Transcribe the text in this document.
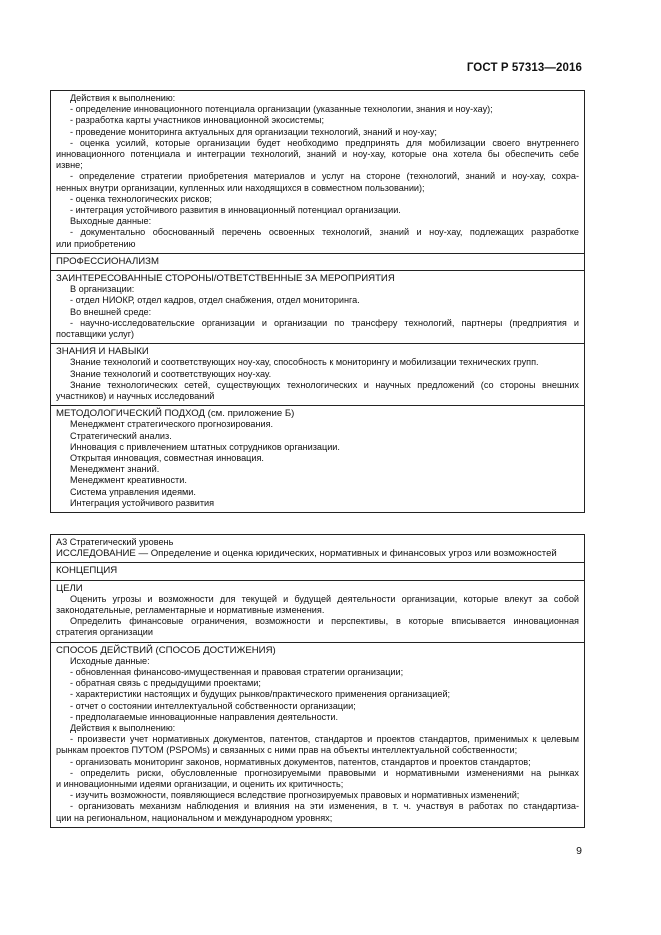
ГОСТ Р 57313—2016
Действия к выполнению:
- определение инновационного потенциала организации (указанные технологии, знания и ноу-хау);
- разработка карты участников инновационной экосистемы;
- проведение мониторинга актуальных для организации технологий, знаний и ноу-хау;
- оценка усилий, которые организации будет необходимо предпринять для мобилизации своего внутреннего
инновационного потенциала и интеграции технологий, знаний и ноу-хау, которые она хотела бы обеспечить себе
извне;
- определение стратегии приобретения материалов и услуг на стороне (технологий, знаний и ноу-хау, сохра-
ненных внутри организации, купленных или находящихся в совместном пользовании);
- оценка технологических рисков;
- интеграция устойчивого развития в инновационный потенциал организации.
Выходные данные:
- документально обоснованный перечень освоенных технологий, знаний и ноу-хау, подлежащих разработке
или приобретению
ПРОФЕССИОНАЛИЗМ
ЗАИНТЕРЕСОВАННЫЕ СТОРОНЫ/ОТВЕТСТВЕННЫЕ ЗА МЕРОПРИЯТИЯ
В организации:
- отдел НИОКР, отдел кадров, отдел снабжения, отдел мониторинга.
Во внешней среде:
- научно-исследовательские организации и организации по трансферу технологий, партнеры (предприятия и
поставщики услуг)
ЗНАНИЯ И НАВЫКИ
Знание технологий и соответствующих ноу-хау, способность к мониторингу и мобилизации технических групп.
Знание технологий и соответствующих ноу-хау.
Знание технологических сетей, существующих технологических и научных предложений (со стороны внешних
участников) и научных исследований
МЕТОДОЛОГИЧЕСКИЙ ПОДХОД (см. приложение Б)
Менеджмент стратегического прогнозирования.
Стратегический анализ.
Инновация с привлечением штатных сотрудников организации.
Открытая инновация, совместная инновация.
Менеджмент знаний.
Менеджмент креативности.
Система управления идеями.
Интеграция устойчивого развития
А3 Стратегический уровень
ИССЛЕДОВАНИЕ — Определение и оценка юридических, нормативных и финансовых угроз или возможностей
КОНЦЕПЦИЯ
ЦЕЛИ
Оценить угрозы и возможности для текущей и будущей деятельности организации, которые влекут за собой
законодательные, регламентарные и нормативные изменения.
Определить финансовые ограничения, возможности и перспективы, в которые вписывается инновационная
стратегия организации
СПОСОБ ДЕЙСТВИЙ (СПОСОБ ДОСТИЖЕНИЯ)
Исходные данные:
- обновленная финансово-имущественная и правовая стратегии организации;
- обратная связь с предыдущими проектами;
- характеристики настоящих и будущих рынков/практического применения организацией;
- отчет о состоянии интеллектуальной собственности организации;
- предполагаемые инновационные направления деятельности.
Действия к выполнению:
- произвести учет нормативных документов, патентов, стандартов и проектов стандартов, применимых к целевым
рынкам проектов ПУТОМ (PSPOMs) и связанных с ними прав на объекты интеллектуальной собственности;
- организовать мониторинг законов, нормативных документов, патентов, стандартов и проектов стандартов;
- определить риски, обусловленные прогнозируемыми правовыми и нормативными изменениями на рынках
и инновационными идеями организации, и оценить их критичность;
- изучить возможности, появляющиеся вследствие прогнозируемых правовых и нормативных изменений;
- организовать механизм наблюдения и влияния на эти изменения, в т. ч. участвуя в работах по стандартиза-
ции на региональном, национальном и международном уровнях;
9
